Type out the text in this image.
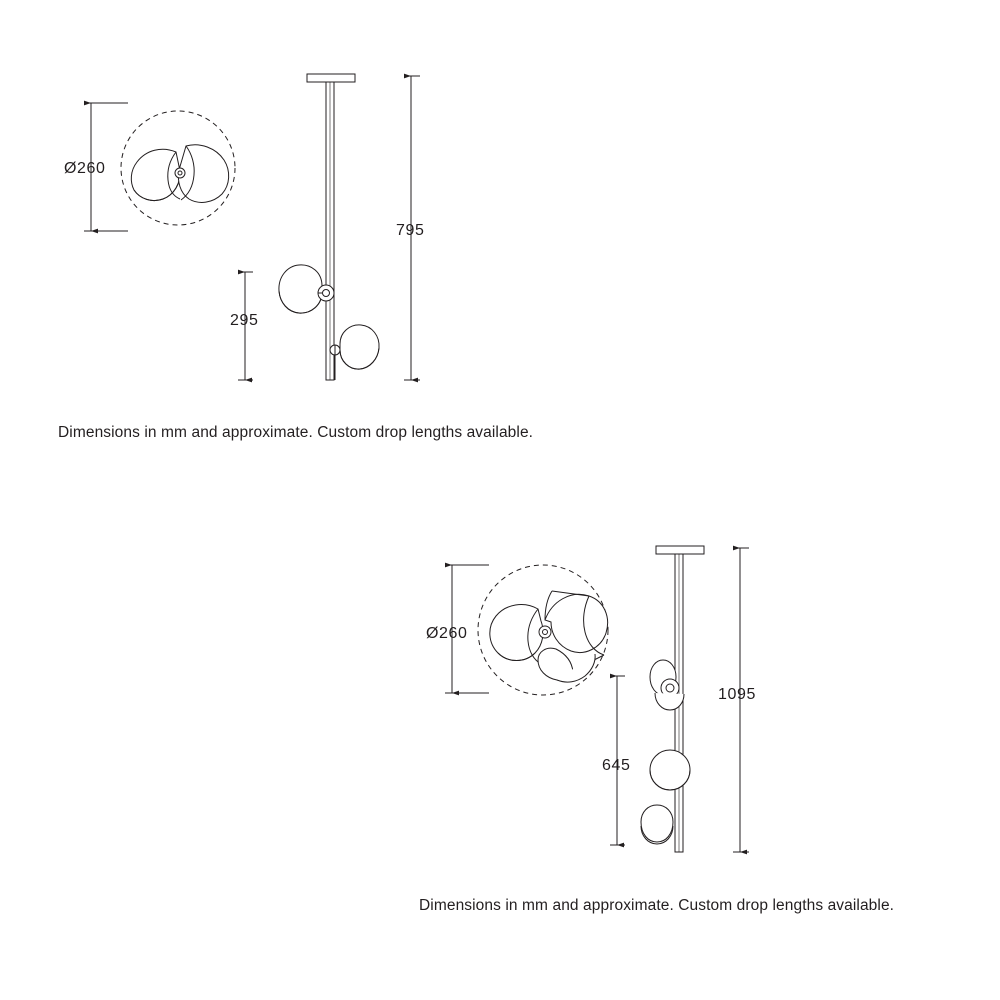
Ø260
795
295
Ø260
1095
645
Dimensions in mm and approximate. Custom drop lengths available.
Dimensions in mm and approximate. Custom drop lengths available.
